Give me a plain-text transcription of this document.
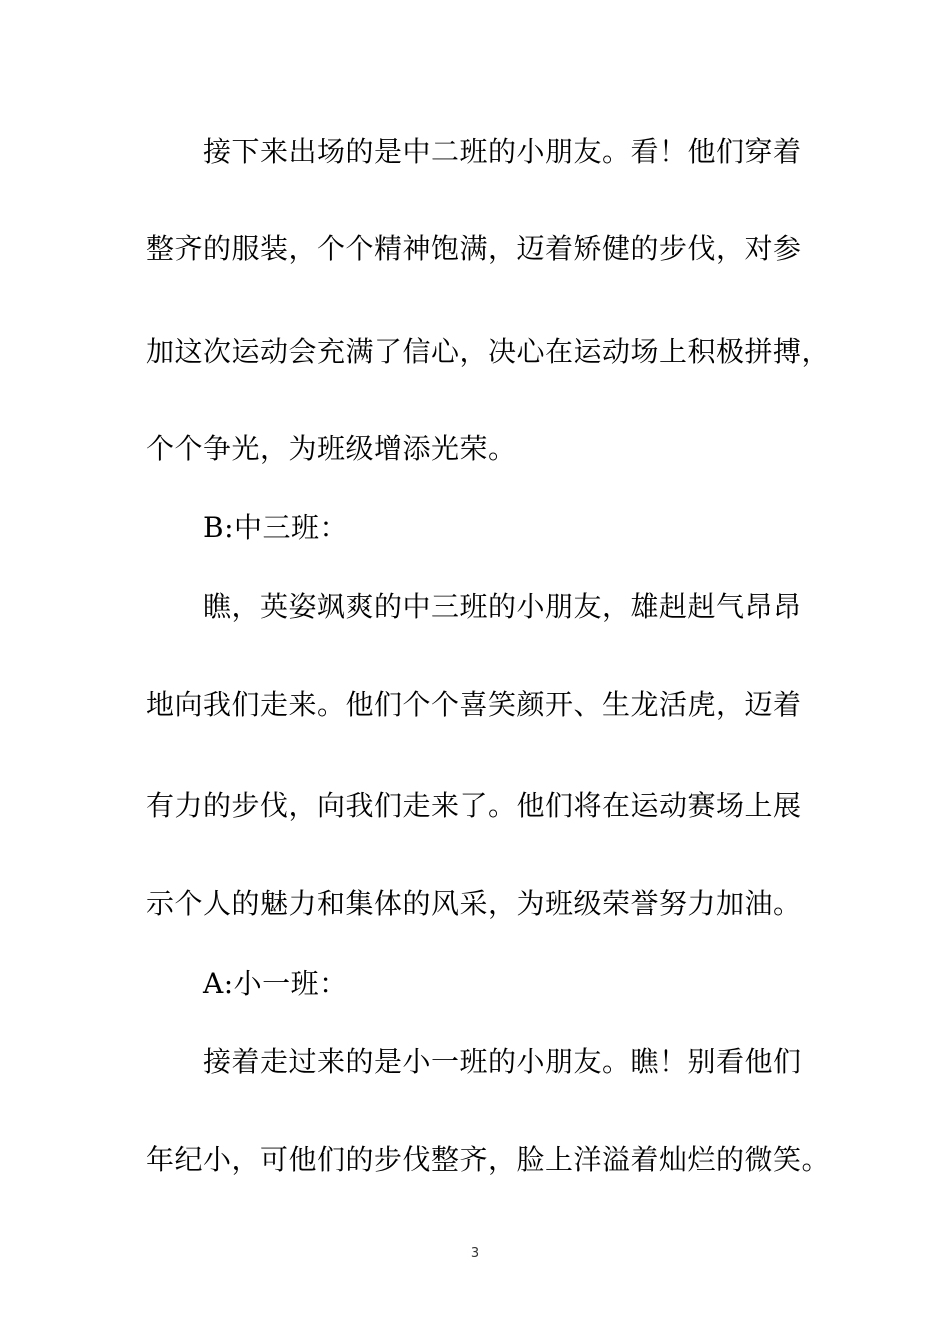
接下来出场的是中二班的小朋友。看！他们穿着
整齐的服装，个个精神饱满，迈着矫健的步伐，对参
加这次运动会充满了信心，决心在运动场上积极拼搏，
个个争光，为班级增添光荣。
B:中三班：
瞧，英姿飒爽的中三班的小朋友，雄赳赳气昂昂
地向我们走来。他们个个喜笑颜开、生龙活虎，迈着
有力的步伐，向我们走来了。他们将在运动赛场上展
示个人的魅力和集体的风采，为班级荣誉努力加油。
A:小一班：
接着走过来的是小一班的小朋友。瞧！别看他们
年纪小，可他们的步伐整齐，脸上洋溢着灿烂的微笑。
3
